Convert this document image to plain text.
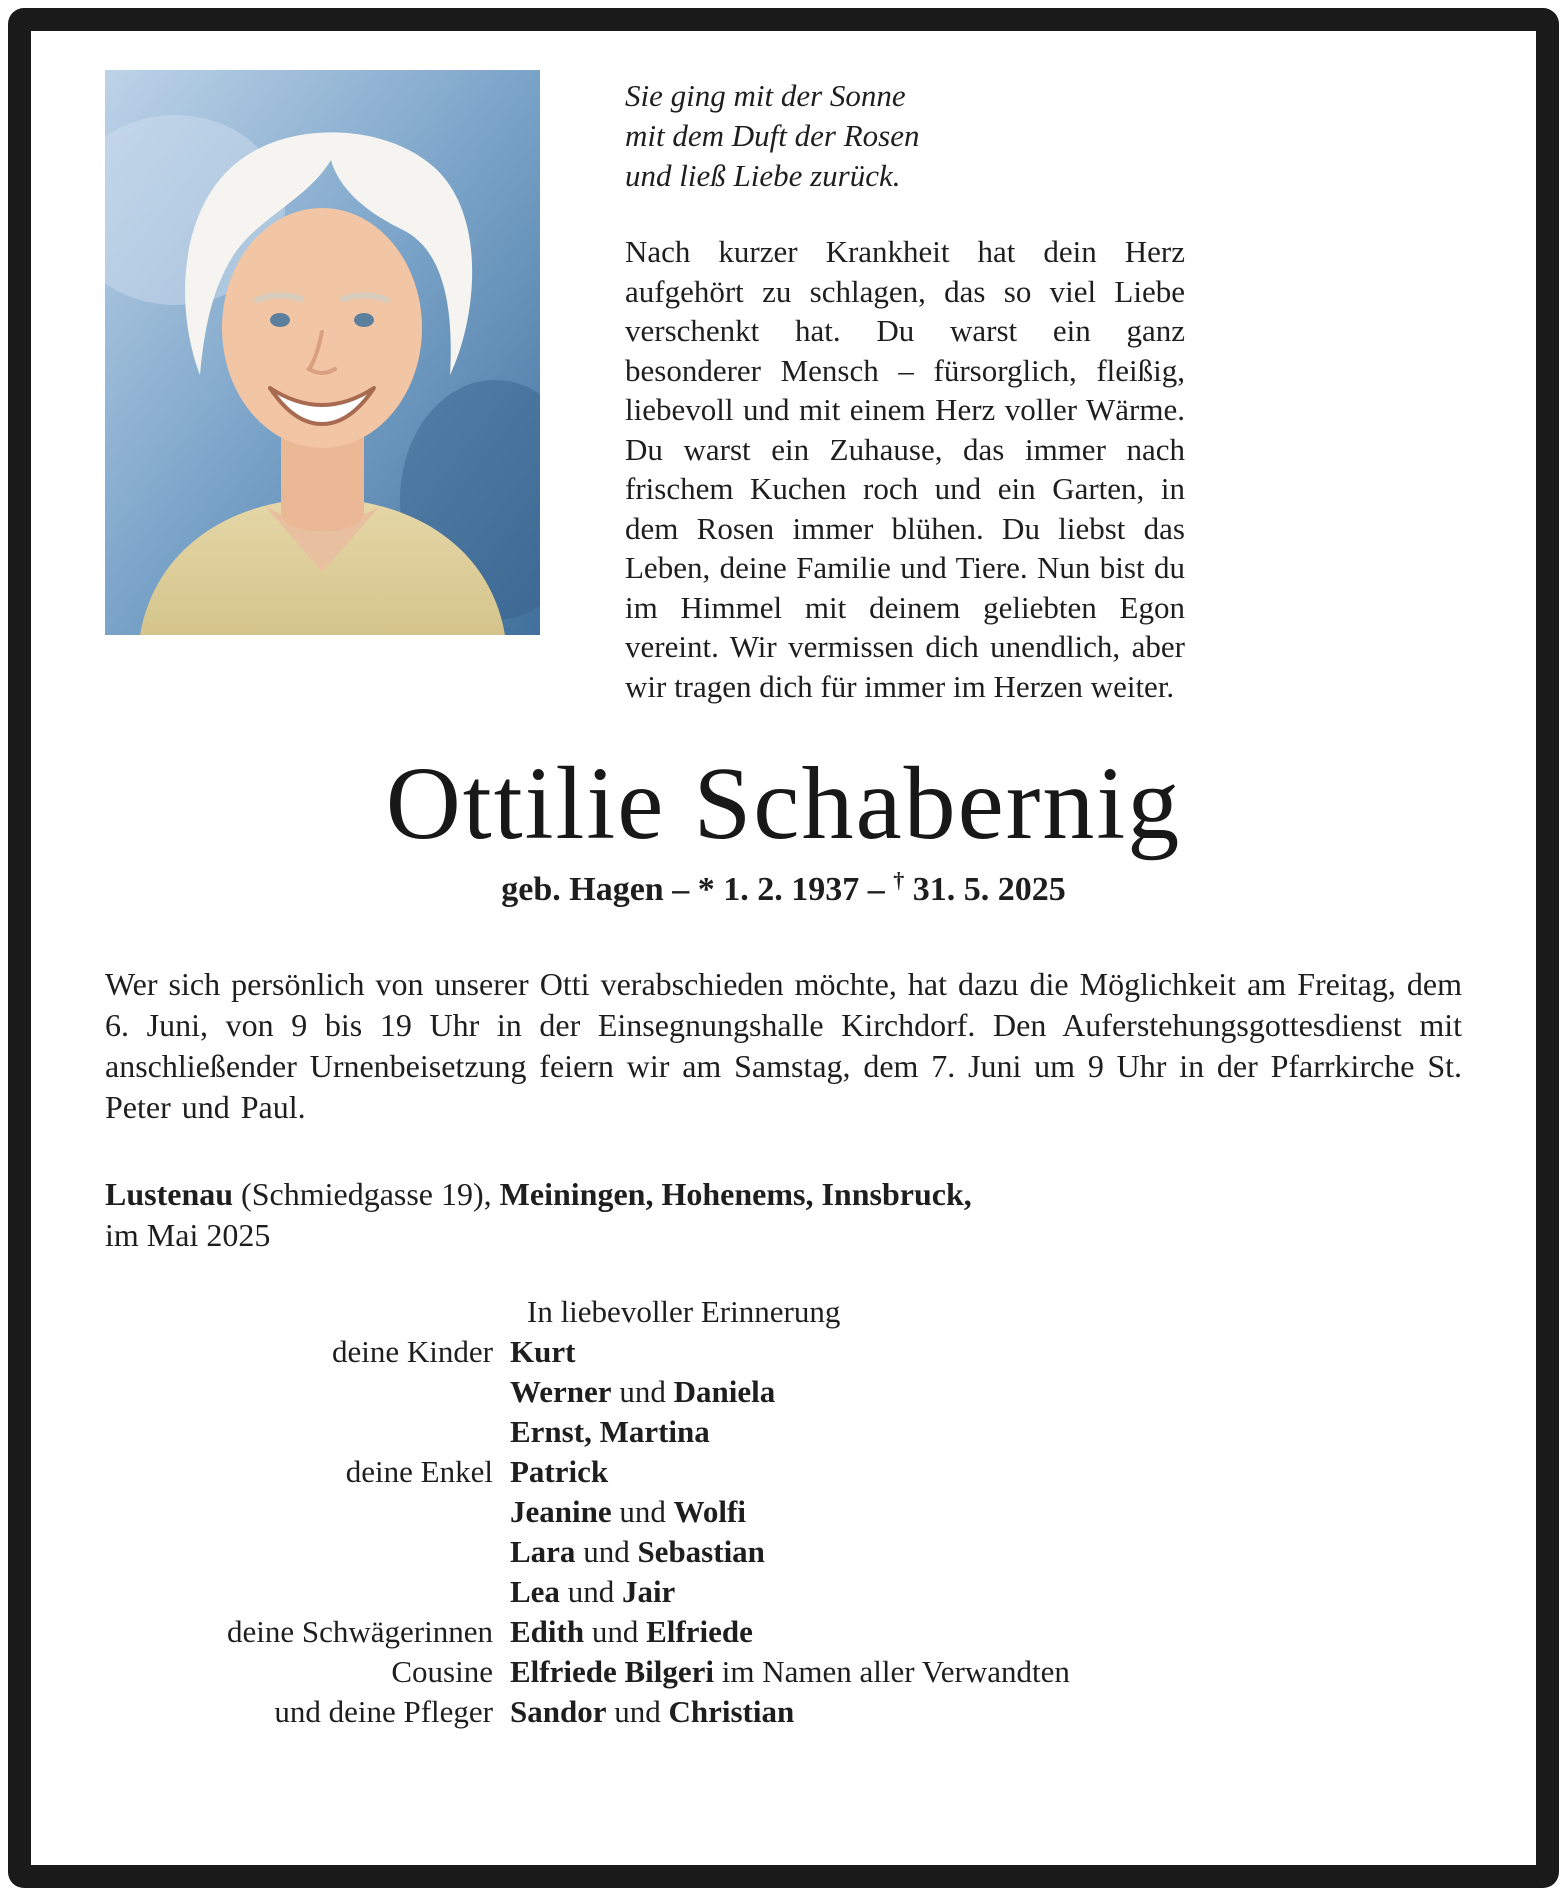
Sie ging mit der Sonne
mit dem Duft der Rosen
und ließ Liebe zurück.

Nach kurzer Krankheit hat dein Herz aufgehört zu schlagen, das so viel Liebe verschenkt hat. Du warst ein ganz besonderer Mensch – fürsorglich, fleißig, liebevoll und mit einem Herz voller Wärme. Du warst ein Zuhause, das immer nach frischem Kuchen roch und ein Garten, in dem Rosen immer blühen. Du liebst das Leben, deine Familie und Tiere. Nun bist du im Himmel mit deinem geliebten Egon vereint. Wir vermissen dich unendlich, aber wir tragen dich für immer im Herzen weiter.

Ottilie Schabernig
geb. Hagen – * 1. 2. 1937 – † 31. 5. 2025

Wer sich persönlich von unserer Otti verabschieden möchte, hat dazu die Möglichkeit am Freitag, dem 6. Juni, von 9 bis 19 Uhr in der Einsegnungshalle Kirchdorf. Den Auferstehungsgottesdienst mit anschließender Urnenbeisetzung feiern wir am Samstag, dem 7. Juni um 9 Uhr in der Pfarrkirche St. Peter und Paul.

Lustenau (Schmiedgasse 19), Meiningen, Hohenems, Innsbruck,
im Mai 2025
In liebevoller Erinnerung
deine Kinder Kurt
Werner und Daniela
Ernst, Martina
deine Enkel Patrick
Jeanine und Wolfi
Lara und Sebastian
Lea und Jair
deine Schwägerinnen Edith und Elfriede
Cousine Elfriede Bilgeri im Namen aller Verwandten
und deine Pfleger Sandor und Christian
